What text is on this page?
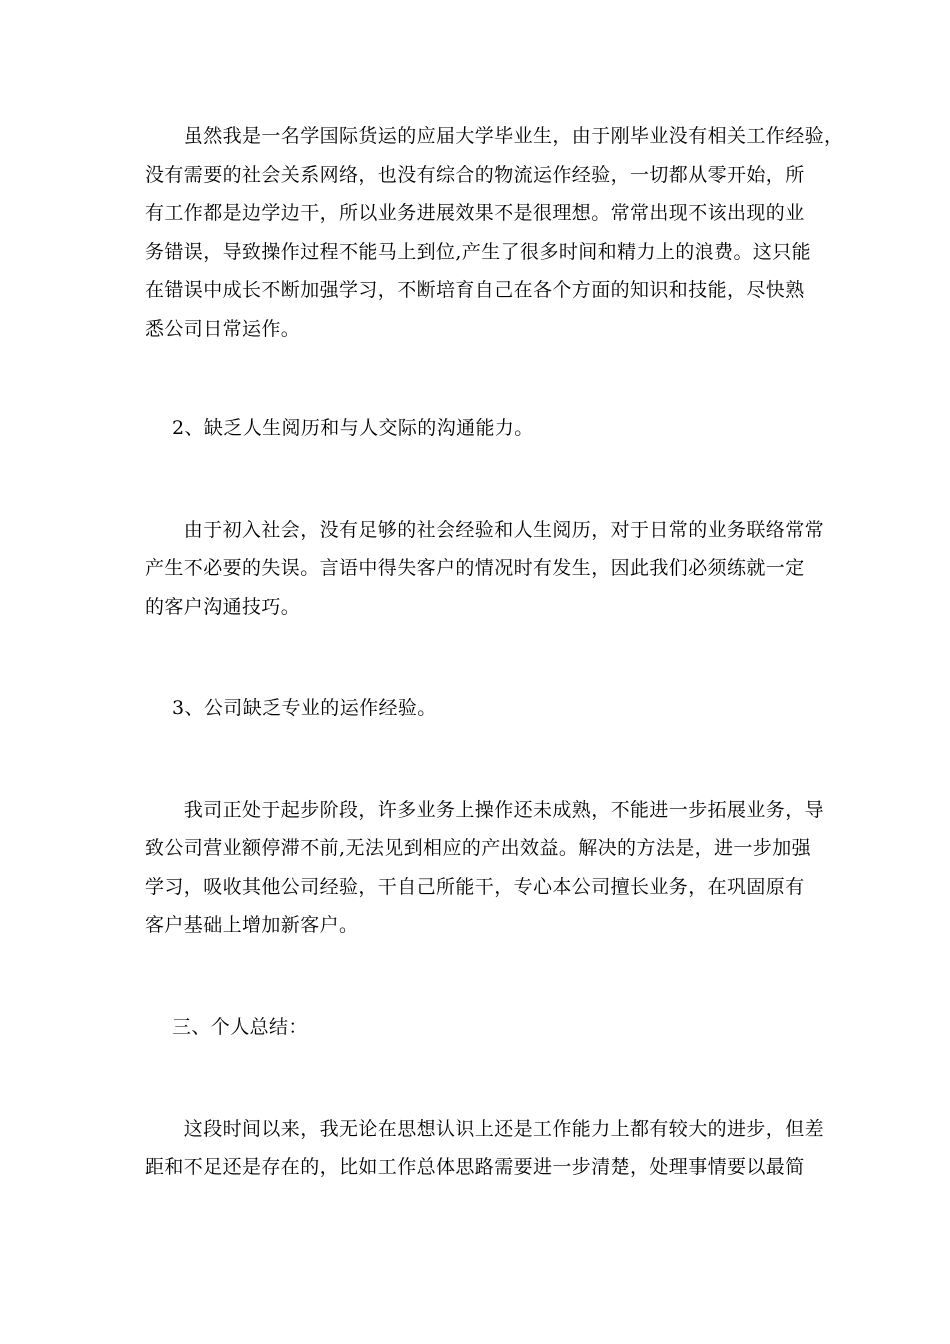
　　虽然我是一名学国际货运的应届大学毕业生，由于刚毕业没有相关工作经验，
没有需要的社会关系网络，也没有综合的物流运作经验，一切都从零开始，所
有工作都是边学边干，所以业务进展效果不是很理想。常常出现不该出现的业
务错误，导致操作过程不能马上到位,产生了很多时间和精力上的浪费。这只能
在错误中成长不断加强学习，不断培育自己在各个方面的知识和技能，尽快熟
悉公司日常运作。
2、缺乏人生阅历和与人交际的沟通能力。
　　由于初入社会，没有足够的社会经验和人生阅历，对于日常的业务联络常常
产生不必要的失误。言语中得失客户的情况时有发生，因此我们必须练就一定
的客户沟通技巧。
3、公司缺乏专业的运作经验。
　　我司正处于起步阶段，许多业务上操作还未成熟，不能进一步拓展业务，导
致公司营业额停滞不前,无法见到相应的产出效益。解决的方法是，进一步加强
学习，吸收其他公司经验，干自己所能干，专心本公司擅长业务，在巩固原有
客户基础上增加新客户。
三、个人总结：
　　这段时间以来，我无论在思想认识上还是工作能力上都有较大的进步，但差
距和不足还是存在的，比如工作总体思路需要进一步清楚，处理事情要以最简
